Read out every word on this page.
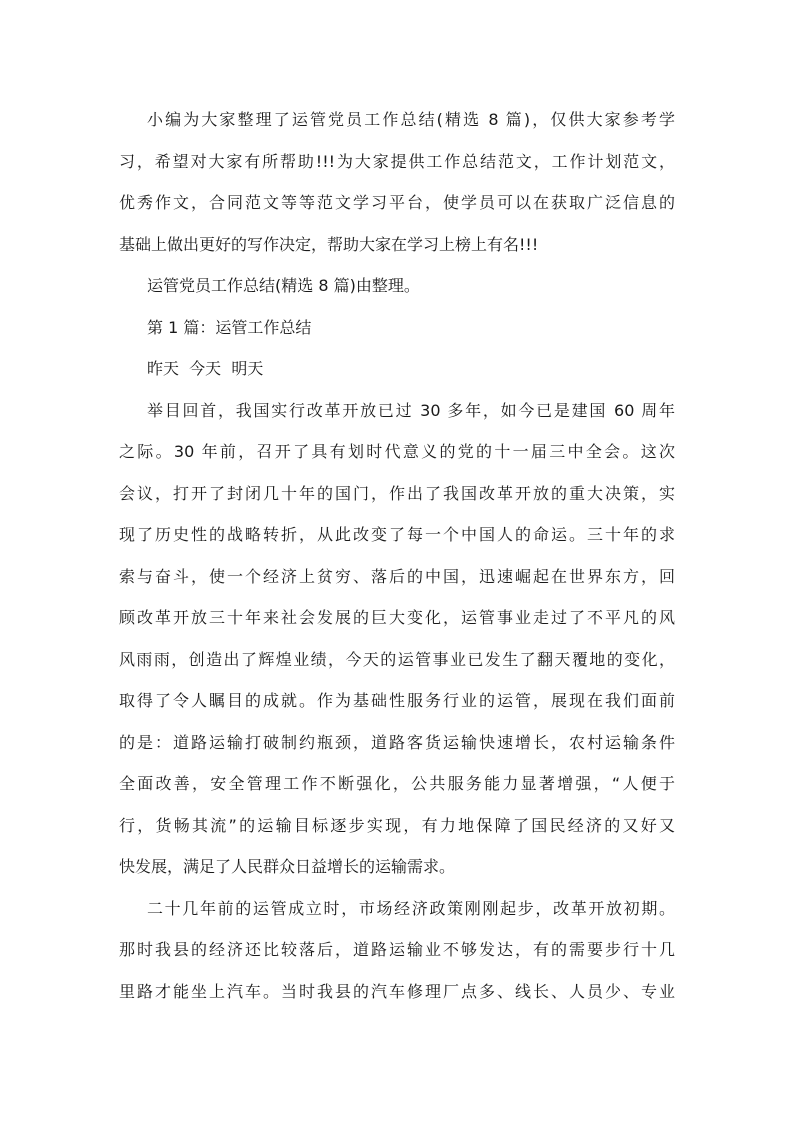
小编为大家整理了运管党员工作总结(精选 8 篇)，仅供大家参考学
习，希望对大家有所帮助!!!为大家提供工作总结范文，工作计划范文，
优秀作文，合同范文等等范文学习平台，使学员可以在获取广泛信息的
基础上做出更好的写作决定，帮助大家在学习上榜上有名!!!
运管党员工作总结(精选 8 篇)由整理。
第 1 篇：运管工作总结
昨天  今天  明天
举目回首，我国实行改革开放已过 30 多年，如今已是建国 60 周年
之际。30 年前，召开了具有划时代意义的党的十一届三中全会。这次
会议，打开了封闭几十年的国门，作出了我国改革开放的重大决策，实
现了历史性的战略转折，从此改变了每一个中国人的命运。三十年的求
索与奋斗，使一个经济上贫穷、落后的中国，迅速崛起在世界东方，回
顾改革开放三十年来社会发展的巨大变化，运管事业走过了不平凡的风
风雨雨，创造出了辉煌业绩，今天的运管事业已发生了翻天覆地的变化，
取得了令人瞩目的成就。作为基础性服务行业的运管，展现在我们面前
的是：道路运输打破制约瓶颈，道路客货运输快速增长，农村运输条件
全面改善，安全管理工作不断强化，公共服务能力显著增强，“人便于
行，货畅其流”的运输目标逐步实现，有力地保障了国民经济的又好又
快发展，满足了人民群众日益增长的运输需求。
二十几年前的运管成立时，市场经济政策刚刚起步，改革开放初期。
那时我县的经济还比较落后，道路运输业不够发达，有的需要步行十几
里路才能坐上汽车。当时我县的汽车修理厂点多、线长、人员少、专业
